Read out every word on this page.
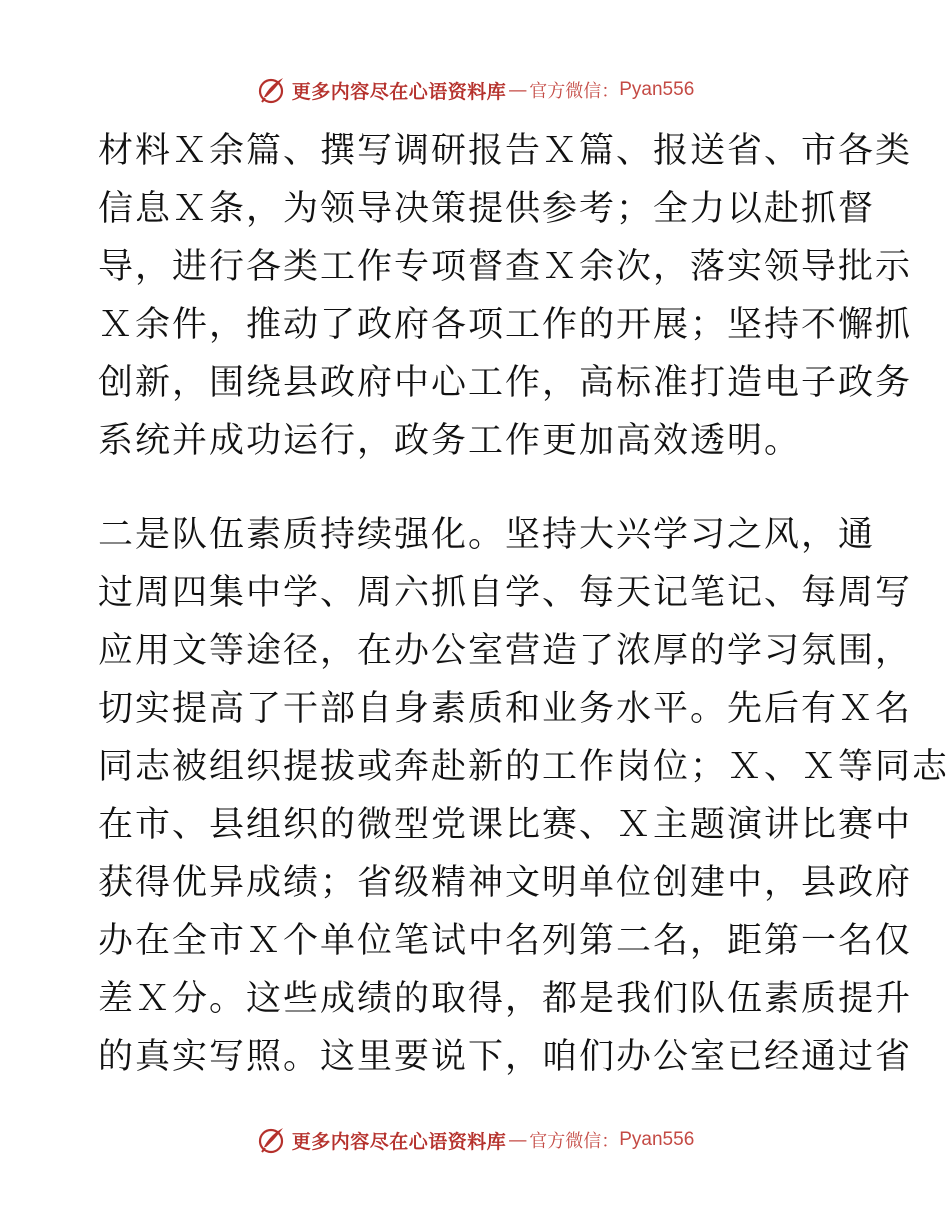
更多内容尽在心语资料库 — 官方微信： Pyan556
材料Ｘ余篇、撰写调研报告Ｘ篇、报送省、市各类
信息Ｘ条，为领导决策提供参考；全力以赴抓督
导，进行各类工作专项督查Ｘ余次，落实领导批示
Ｘ余件，推动了政府各项工作的开展；坚持不懈抓
创新，围绕县政府中心工作，高标准打造电子政务
系统并成功运行，政务工作更加高效透明。
二是队伍素质持续强化。坚持大兴学习之风，通
过周四集中学、周六抓自学、每天记笔记、每周写
应用文等途径，在办公室营造了浓厚的学习氛围，
切实提高了干部自身素质和业务水平。先后有Ｘ名
同志被组织提拔或奔赴新的工作岗位；Ｘ、Ｘ等同志
在市、县组织的微型党课比赛、Ｘ主题演讲比赛中
获得优异成绩；省级精神文明单位创建中，县政府
办在全市Ｘ个单位笔试中名列第二名，距第一名仅
差Ｘ分。这些成绩的取得，都是我们队伍素质提升
的真实写照。这里要说下，咱们办公室已经通过省
更多内容尽在心语资料库 — 官方微信： Pyan556
